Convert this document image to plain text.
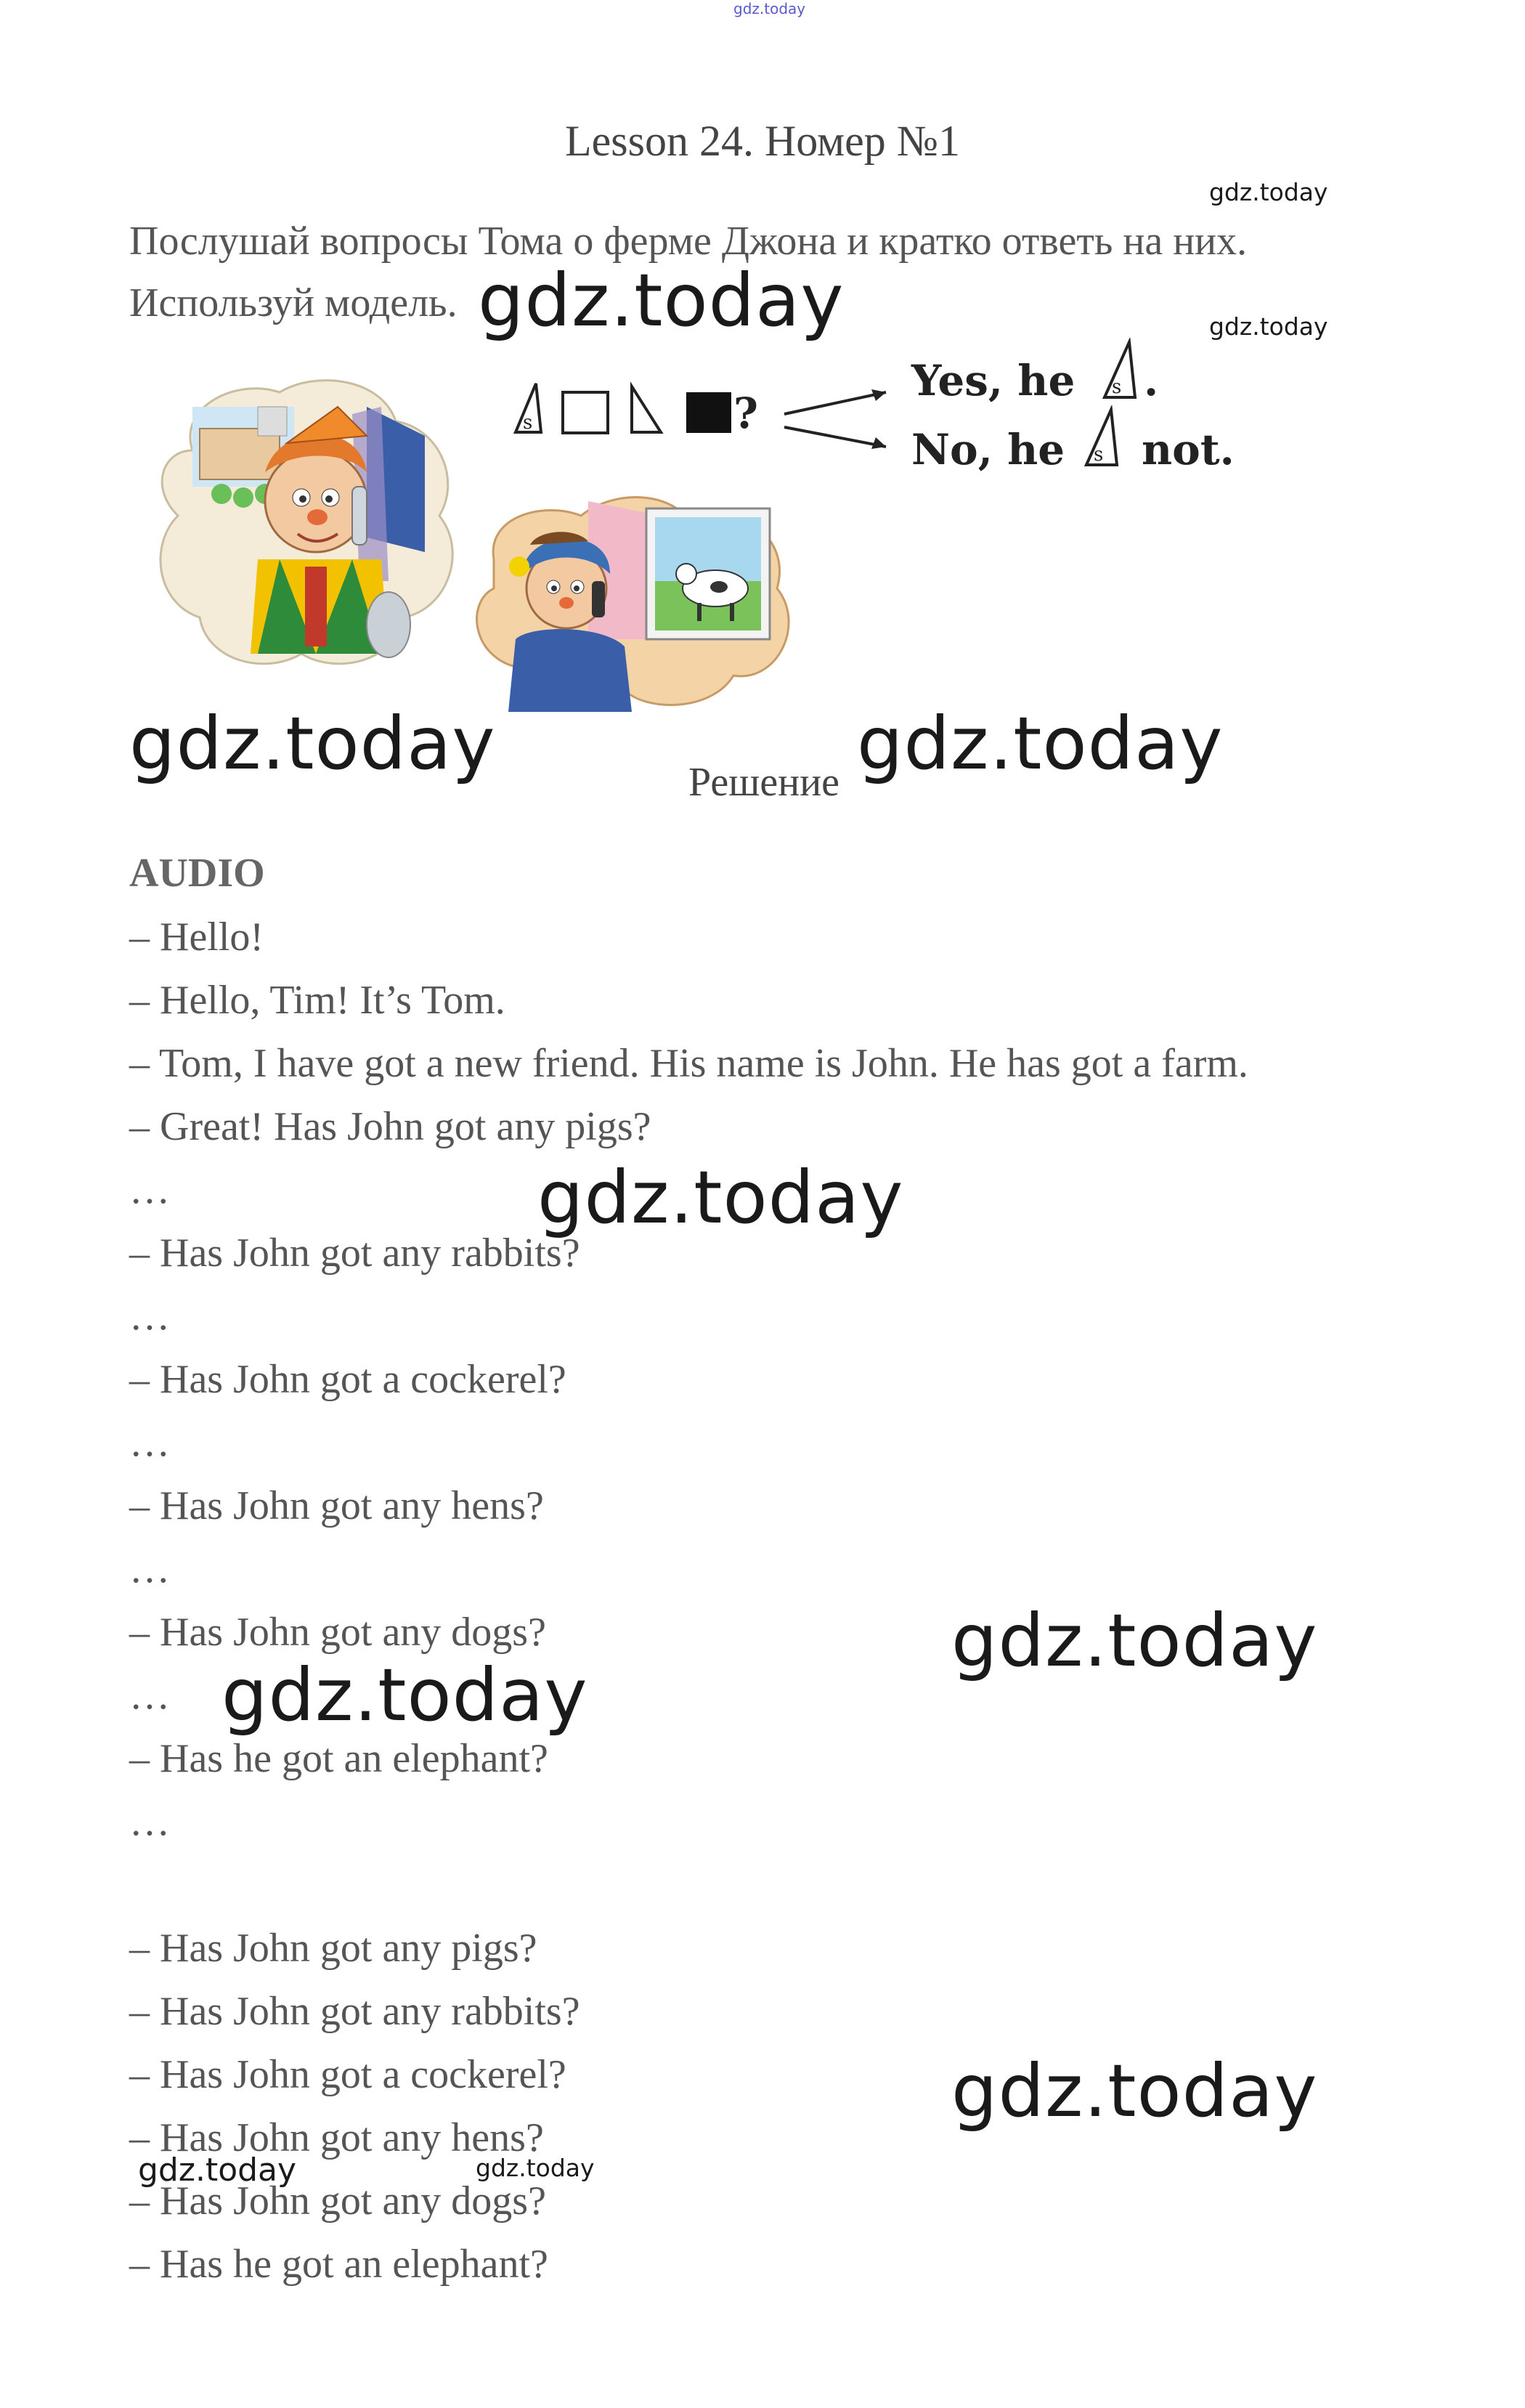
gdz.today
Lesson 24. Номер №1
gdz.today
gdz.today
Послушай вопросы Тома о ферме Джона и кратко ответь на них.
Используй модель. gdz.today
s	?
Yes, he s .
No, he s not.
gdz.today	Решение gdz.today
AUDIO
– Hello!
– Hello, Tim! It’s Tom.
– Tom, I have got a new friend. His name is John. He has got a farm.
– Great! Has John got any pigs?
…
– Has John got any rabbits?
…
– Has John got a cockerel?
…
– Has John got any hens?
…
– Has John got any dogs?
…
– Has he got an elephant?
…
gdz.today
gdz.today
gdz.today
– Has John got any pigs?
– Has John got any rabbits?
– Has John got a cockerel?
– Has John got any hens?
– Has John got any dogs?
– Has he got an elephant?
gdz.today
gdz.today	gdz.today
